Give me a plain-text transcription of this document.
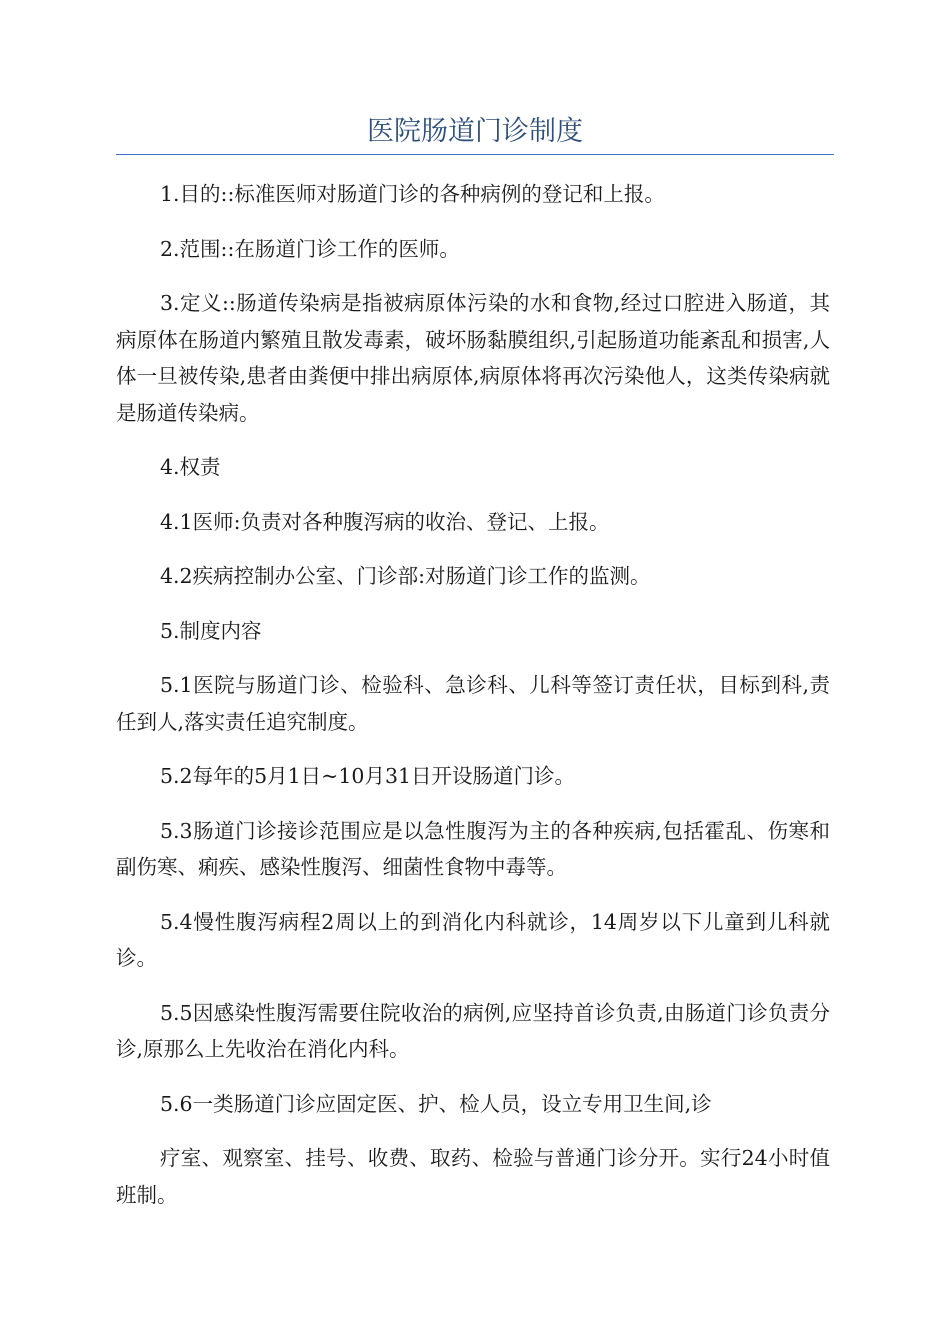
医院肠道门诊制度

1.目的::标准医师对肠道门诊的各种病例的登记和上报。

2.范围::在肠道门诊工作的医师。

3.定义::肠道传染病是指被病原体污染的水和食物,经过口腔进入肠道，其病原体在肠道内繁殖且散发毒素，破坏肠黏膜组织,引起肠道功能紊乱和损害,人体一旦被传染,患者由粪便中排出病原体,病原体将再次污染他人，这类传染病就是肠道传染病。

4.权责

4.1医师:负责对各种腹泻病的收治、登记、上报。

4.2疾病控制办公室、门诊部:对肠道门诊工作的监测。

5.制度内容

5.1医院与肠道门诊、检验科、急诊科、儿科等签订责任状，目标到科,责任到人,落实责任追究制度。

5.2每年的5月1日~10月31日开设肠道门诊。

5.3肠道门诊接诊范围应是以急性腹泻为主的各种疾病,包括霍乱、伤寒和副伤寒、痢疾、感染性腹泻、细菌性食物中毒等。

5.4慢性腹泻病程2周以上的到消化内科就诊，14周岁以下儿童到儿科就诊。

5.5因感染性腹泻需要住院收治的病例,应坚持首诊负责,由肠道门诊负责分诊,原那么上先收治在消化内科。

5.6一类肠道门诊应固定医、护、检人员，设立专用卫生间,诊

疗室、观察室、挂号、收费、取药、检验与普通门诊分开。实行24小时值班制。
